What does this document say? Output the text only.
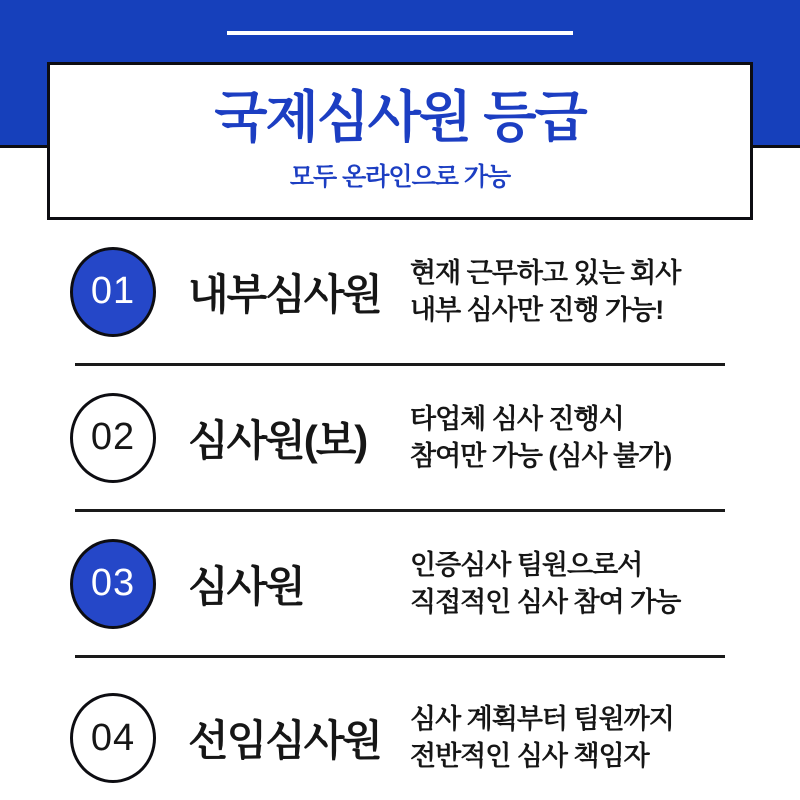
국제심사원 등급
모두 온라인으로 가능
01	내부심사원	현재 근무하고 있는 회사
내부 심사만 진행 가능!
02	심사원(보)	타업체 심사 진행시
참여만 가능 (심사 불가)
03	심사원	인증심사 팀원으로서
직접적인 심사 참여 가능
04	선임심사원	심사 계획부터 팀원까지
전반적인 심사 책임자
